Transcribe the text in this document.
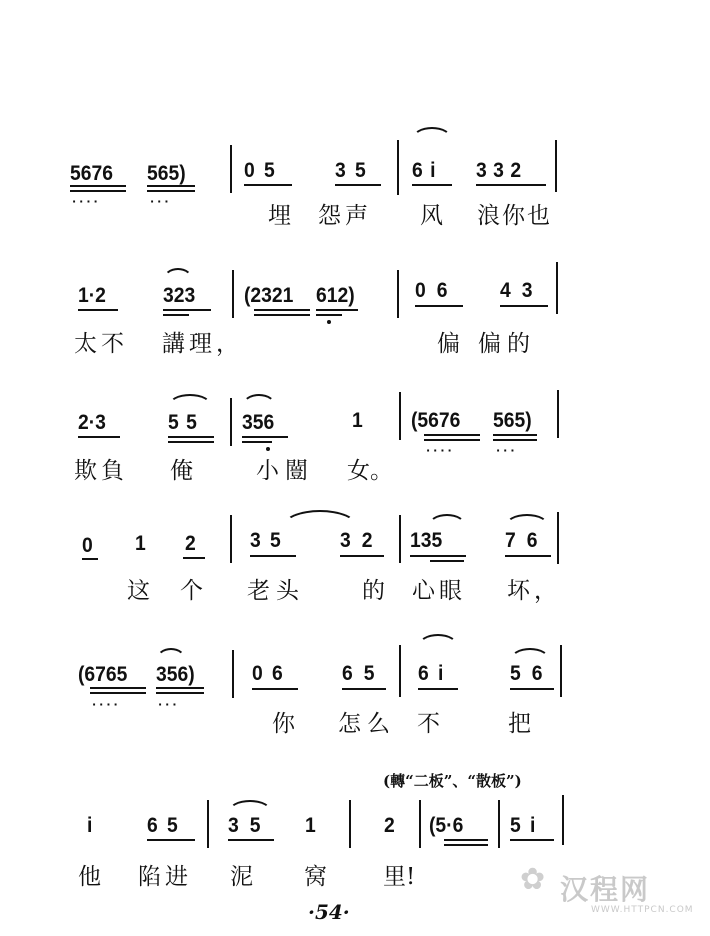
5676
····
565)
···
05 35 6i 332
埋 怨声 风 浪你也
1·2	323 (2321 612)	06 43
太不 講理，	偏 偏的
2·3	55 356	1 (5676
····
565)
···
欺負 俺	小闓 女。
0 1 2	35 32 135	76
这 个 老头 的 心眼 坏，
(6765
····
356)
···
06 65 6i	56
你 怎么 不	把
(轉“二板”、“散板”)
i	65 35 1	2 (5·6 5i
他 陷进 泥 窝 里!
·54·
✿ 汉程网
WWW.HTTPCN.COM
